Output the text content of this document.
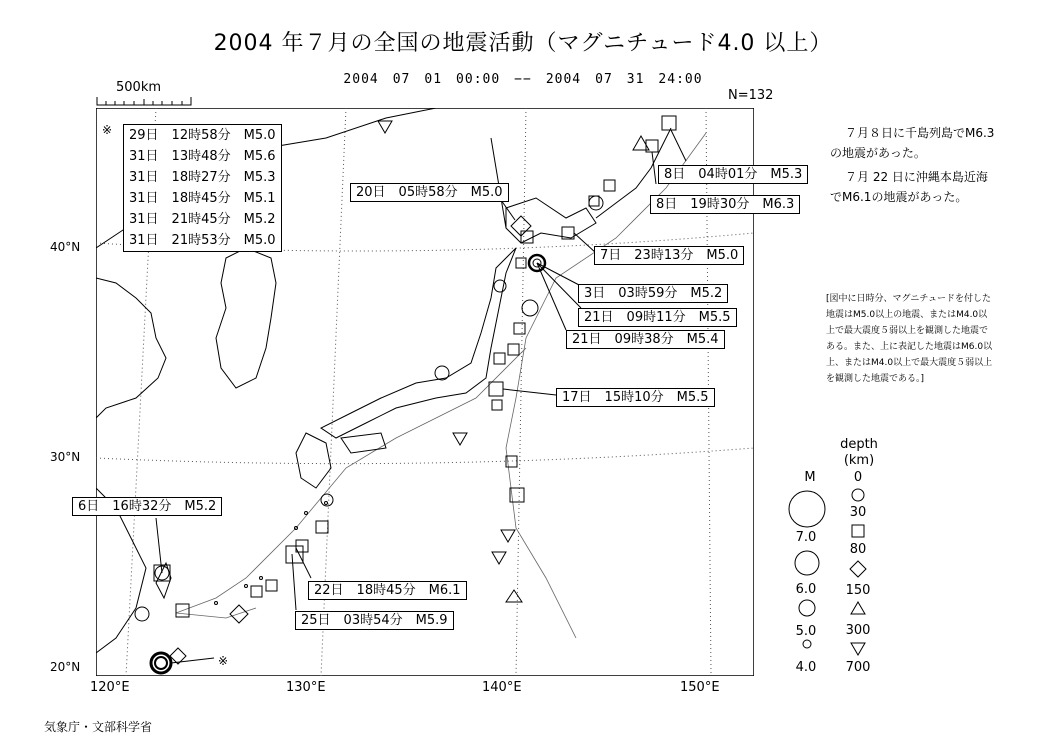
2004 年７月の全国の地震活動（マグニチュード4.0 以上）
2004　07　01　00:00　−−　2004　07　31　24:00
500km
N=132
※ 29日　12時58分　M5.0
31日　13時48分　M5.6
31日　18時27分　M5.3
31日　18時45分　M5.1
31日　21時45分　M5.2
31日　21時53分　M5.0
20日　05時58分　M5.0
8日　04時01分　M5.3
8日　19時30分　M6.3
7日　23時13分　M5.0
3日　03時59分　M5.2
21日　09時11分　M5.5
21日　09時38分　M5.4
17日　15時10分　M5.5
6日　16時32分　M5.2
22日　18時45分　M6.1
25日　03時54分　M5.9
※
40°N
30°N
20°N
120°E	130°E	140°E	150°E
７月８日に千島列島でM6.3
の地震があった。
７月 22 日に沖縄本島近海
でM6.1の地震があった。
[図中に日時分、マグニチュードを付した
地震はM5.0以上の地震、またはM4.0以
上で最大震度５弱以上を観測した地震で
ある。また、上に表記した地震はM6.0以
上、またはM4.0以上で最大震度５弱以上
を観測した地震である。]
M
7.0
6.0
5.0
4.0
depth
(km)
0
30
80
150
300
700
気象庁・文部科学省
